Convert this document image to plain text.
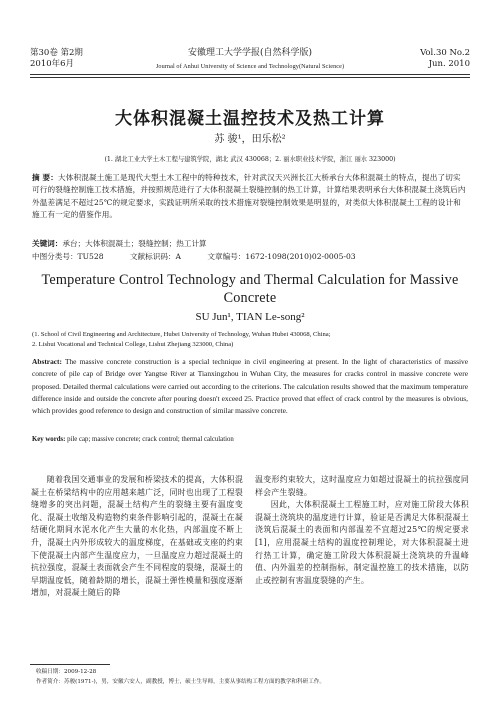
第30卷 第2期
2010年6月
安徽理工大学学报(自然科学版)
Journal of Anhui University of Science and Technology(Natural Science)
Vol.30 No.2
Jun. 2010
大体积混凝土温控技术及热工计算
苏 骏¹，田乐松²
(1. 湖北工业大学土木工程与建筑学院，湖北 武汉 430068；2. 丽水职业技术学院，浙江 丽水 323000)
摘 要：大体积混凝土施工是现代大型土木工程中的特种技术，针对武汉天兴洲长江大桥承台大体积混凝土的特点，提出了切实可行的裂缝控制施工技术措施，并按照规范进行了大体积混凝土裂缝控制的热工计算，计算结果表明承台大体积混凝土浇筑后内外温差满足不超过25℃的规定要求，实践证明所采取的技术措施对裂缝控制效果是明显的，对类似大体积混凝土工程的设计和施工有一定的借鉴作用。
关键词：承台；大体积混凝土；裂缝控制；热工计算
中图分类号：TU528	文献标识码：A	文章编号：1672-1098(2010)02-0005-03
Temperature Control Technology and Thermal Calculation for Massive Concrete
SU Jun¹, TIAN Le-song²
(1. School of Civil Engineering and Architecture, Hubei University of Technology, Wuhan Hubei 430068, China;
2. Lishui Vocational and Technical College, Lishui Zhejiang 323000, China)
Abstract: The massive concrete construction is a special technique in civil engineering at present. In the light of characteristics of massive concrete of pile cap of Bridge over Yangtse River at Tianxingzhou in Wuhan City, the measures for cracks control in massive concrete were proposed. Detailed thermal calculations were carried out according to the criterions. The calculation results showed that the maximum temperature difference inside and outside the concrete after pouring doesn't exceed 25. Practice proved that effect of crack control by the measures is obvious, which provides good reference to design and construction of similar massive concrete.
Key words: pile cap; massive concrete; crack control; thermal calculation

随着我国交通事业的发展和桥梁技术的提高，大体积混凝土在桥梁结构中的应用越来越广泛，同时也出现了工程裂缝增多的突出问题，混凝土结构产生的裂缝主要有温度变化、混凝土收缩及构造物约束条件影响引起的，混凝土在凝结硬化期间水泥水化产生大量的水化热，内部温度不断上升，混凝土内外形成较大的温度梯度，在基础或支座的约束下使混凝土内部产生温度应力，一旦温度应力超过混凝土的抗拉强度，混凝土表面就会产生不同程度的裂缝，混凝土的早期温度低，随着龄期的增长，混凝土弹性模量和强度逐渐增加，对混凝土随后的降

温变形约束较大，这时温度应力如超过混凝土的抗拉强度同样会产生裂缝。

因此，大体积混凝土工程施工时，应对施工阶段大体积混凝土浇筑块的温度进行计算，验证是否满足大体积混凝土浇筑后混凝土的表面和内部温差不宜超过25℃的规定要求[1]，应用混凝土结构的温度控制理论，对大体积混凝土进行热工计算，确定施工阶段大体积混凝土浇筑块的升温峰值、内外温差的控制指标，制定温控施工的技术措施，以防止或控制有害温度裂缝的产生。

收稿日期：2009-12-28
作者简介：苏骏(1971-)，男，安徽六安人，副教授，博士，硕士生导师，主要从事结构工程方面的教学和科研工作。
